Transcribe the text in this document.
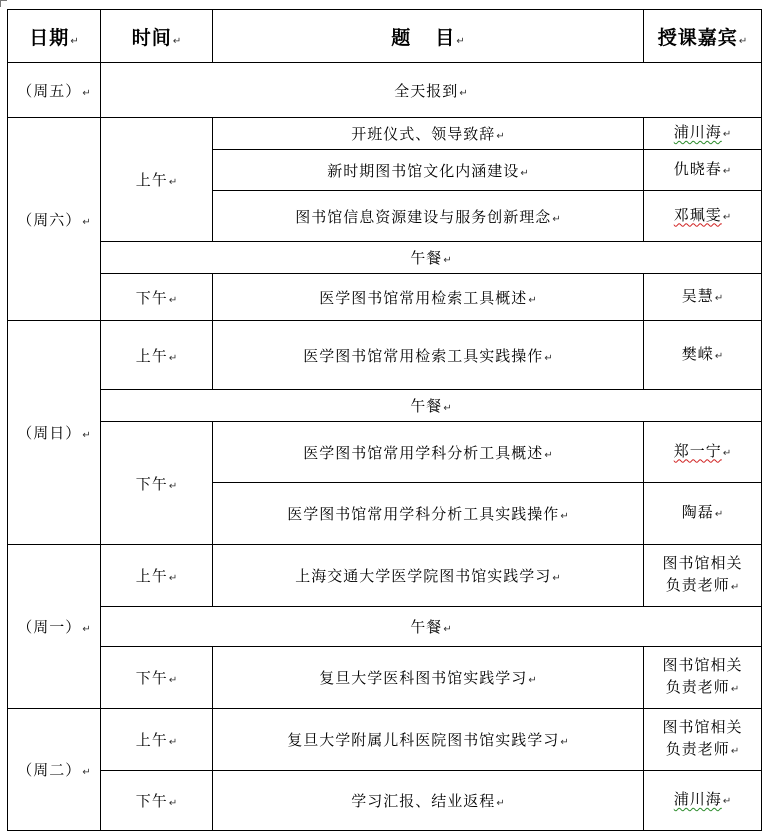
日期↵	时间↵	题 目↵	授课嘉宾↵
（周五）↵	全天报到↵		
（周六）↵	上午↵	开班仪式、领导致辞↵	浦川海↵
		新时期图书馆文化内涵建设↵	仇晓春↵
		图书馆信息资源建设与服务创新理念↵	邓珮雯↵
	午餐↵		
	下午↵	医学图书馆常用检索工具概述↵	吴慧↵
（周日）↵	上午↵	医学图书馆常用检索工具实践操作↵	樊嵘↵
	午餐↵		
	下午↵	医学图书馆常用学科分析工具概述↵	郑一宁↵
		医学图书馆常用学科分析工具实践操作↵	陶磊↵
（周一）↵	上午↵	上海交通大学医学院图书馆实践学习↵	图书馆相关
负责老师↵
	午餐↵		
	下午↵	复旦大学医科图书馆实践学习↵	图书馆相关
负责老师↵
（周二）↵	上午↵	复旦大学附属儿科医院图书馆实践学习↵	图书馆相关
负责老师↵
	下午↵	学习汇报、结业返程↵	浦川海↵
